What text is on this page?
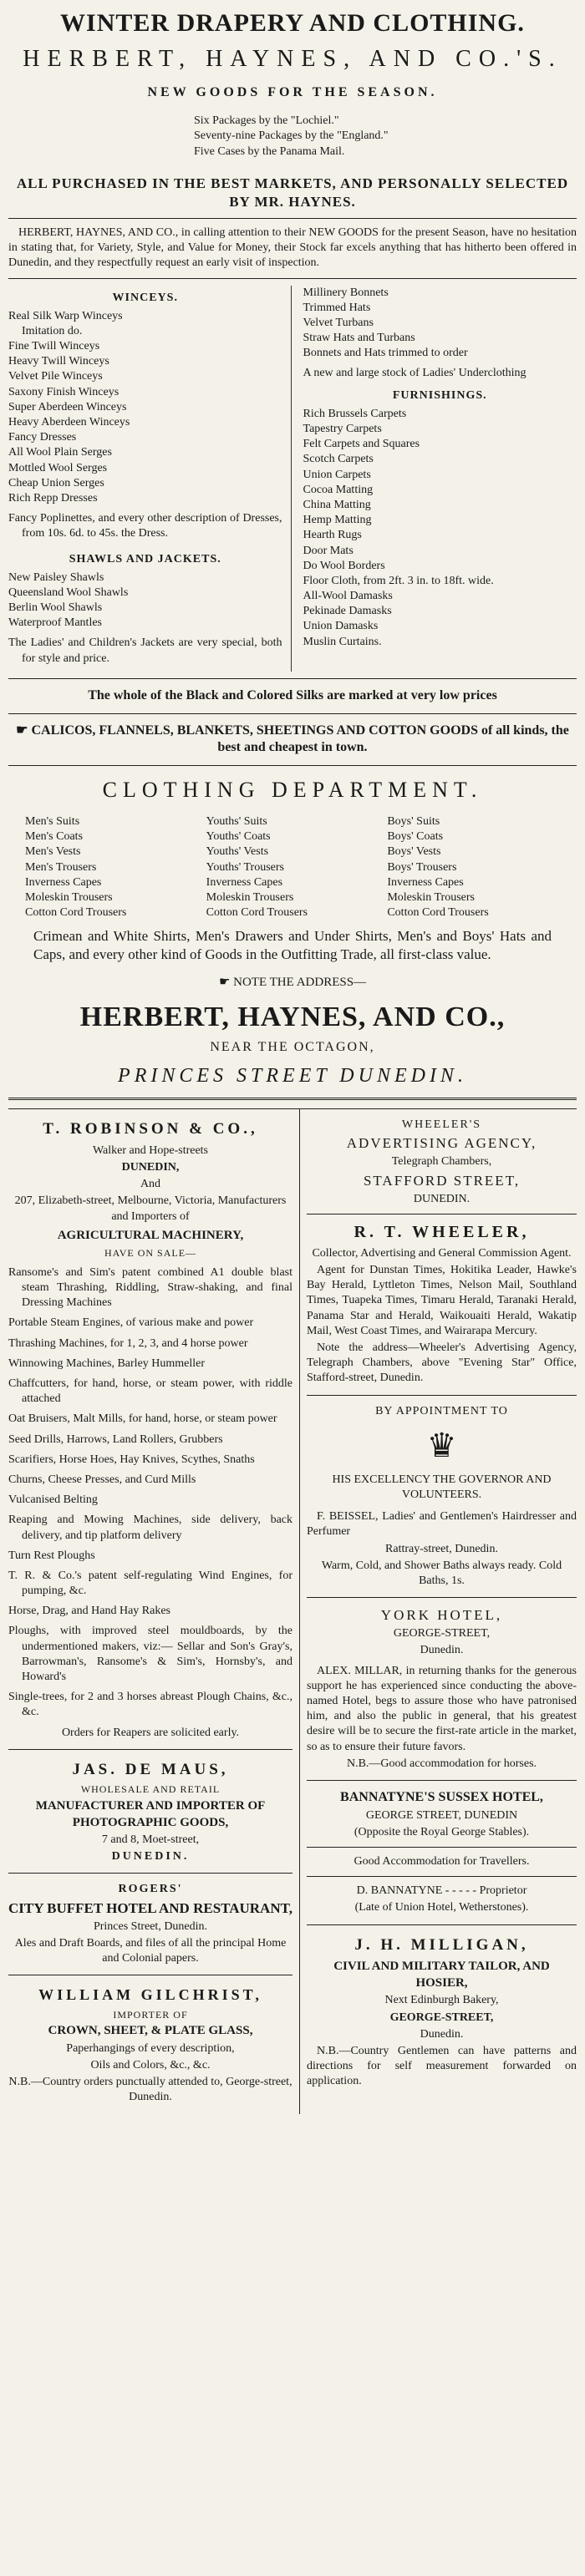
WINTER DRAPERY AND CLOTHING.
HERBERT, HAYNES, AND CO.'S.
NEW GOODS FOR THE SEASON.

Six Packages by the "Lochiel."

Seventy-nine Packages by the "England."

Five Cases by the Panama Mail.

ALL PURCHASED IN THE BEST MARKETS, AND PERSONALLY SELECTED BY MR. HAYNES.

HERBERT, HAYNES, AND CO., in calling attention to their NEW GOODS for the present Season, have no hesitation in stating that, for Variety, Style, and Value for Money, their Stock far excels anything that has hitherto been offered in Dunedin, and they respectfully request an early visit of inspection.

WINCEYS.

Real Silk Warp Winceys

Imitation do.

Fine Twill Winceys

Heavy Twill Winceys

Velvet Pile Winceys

Saxony Finish Winceys

Super Aberdeen Winceys

Heavy Aberdeen Winceys

Fancy Dresses

All Wool Plain Serges

Mottled Wool Serges

Cheap Union Serges

Rich Repp Dresses

Fancy Poplinettes, and every other description of Dresses, from 10s. 6d. to 45s. the Dress.

SHAWLS AND JACKETS.

New Paisley Shawls

Queensland Wool Shawls

Berlin Wool Shawls

Waterproof Mantles

The Ladies' and Children's Jackets are very special, both for style and price.

Millinery Bonnets

Trimmed Hats

Velvet Turbans

Straw Hats and Turbans

Bonnets and Hats trimmed to order

A new and large stock of Ladies' Underclothing

FURNISHINGS.

Rich Brussels Carpets

Tapestry Carpets

Felt Carpets and Squares

Scotch Carpets

Union Carpets

Cocoa Matting

China Matting

Hemp Matting

Hearth Rugs

Door Mats

Do Wool Borders

Floor Cloth, from 2ft. 3 in. to 18ft. wide.

All-Wool Damasks

Pekinade Damasks

Union Damasks

Muslin Curtains.

The whole of the Black and Colored Silks are marked at very low prices
☛ CALICOS, FLANNELS, BLANKETS, SHEETINGS AND COTTON GOODS of all kinds, the best and cheapest in town.
CLOTHING DEPARTMENT.

Men's Suits

Men's Coats

Men's Vests

Men's Trousers

Inverness Capes

Moleskin Trousers

Cotton Cord Trousers

Youths' Suits

Youths' Coats

Youths' Vests

Youths' Trousers

Inverness Capes

Moleskin Trousers

Cotton Cord Trousers

Boys' Suits

Boys' Coats

Boys' Vests

Boys' Trousers

Inverness Capes

Moleskin Trousers

Cotton Cord Trousers

Crimean and White Shirts, Men's Drawers and Under Shirts, Men's and Boys' Hats and Caps, and every other kind of Goods in the Outfitting Trade, all first-class value.

☛ NOTE THE ADDRESS—
HERBERT, HAYNES, AND CO.,
NEAR THE OCTAGON,
PRINCES STREET DUNEDIN.
T. ROBINSON & CO.,

Walker and Hope-streets

DUNEDIN,

And

207, Elizabeth-street, Melbourne, Victoria, Manufacturers and Importers of

AGRICULTURAL MACHINERY,

HAVE ON SALE—

Ransome's and Sim's patent combined A1 double blast steam Thrashing, Riddling, Straw-shaking, and final Dressing Machines

Portable Steam Engines, of various make and power

Thrashing Machines, for 1, 2, 3, and 4 horse power

Winnowing Machines, Barley Hummeller

Chaffcutters, for hand, horse, or steam power, with riddle attached

Oat Bruisers, Malt Mills, for hand, horse, or steam power

Seed Drills, Harrows, Land Rollers, Grubbers

Scarifiers, Horse Hoes, Hay Knives, Scythes, Snaths

Churns, Cheese Presses, and Curd Mills

Vulcanised Belting

Reaping and Mowing Machines, side delivery, back delivery, and tip platform delivery

Turn Rest Ploughs

T. R. & Co.'s patent self-regulating Wind Engines, for pumping, &c.

Horse, Drag, and Hand Hay Rakes

Ploughs, with improved steel mouldboards, by the undermentioned makers, viz:— Sellar and Son's Gray's, Barrowman's, Ransome's & Sim's, Hornsby's, and Howard's

Single-trees, for 2 and 3 horses abreast Plough Chains, &c., &c.

Orders for Reapers are solicited early.

JAS. DE MAUS,

WHOLESALE AND RETAIL

MANUFACTURER AND IMPORTER OF PHOTOGRAPHIC GOODS,

7 and 8, Moet-street,

DUNEDIN.

ROGERS'

CITY BUFFET HOTEL AND RESTAURANT,

Princes Street, Dunedin.

Ales and Draft Boards, and files of all the principal Home and Colonial papers.

WILLIAM GILCHRIST,

IMPORTER OF

CROWN, SHEET, & PLATE GLASS,

Paperhangings of every description,

Oils and Colors, &c., &c.

N.B.—Country orders punctually attended to, George-street, Dunedin.

WHEELER'S

ADVERTISING AGENCY,

Telegraph Chambers,

STAFFORD STREET,

DUNEDIN.

R. T. WHEELER,

Collector, Advertising and General Commission Agent.

Agent for Dunstan Times, Hokitika Leader, Hawke's Bay Herald, Lyttleton Times, Nelson Mail, Southland Times, Tuapeka Times, Timaru Herald, Taranaki Herald, Panama Star and Herald, Waikouaiti Herald, Wakatip Mail, West Coast Times, and Wairarapa Mercury.

Note the address—Wheeler's Advertising Agency, Telegraph Chambers, above "Evening Star" Office, Stafford-street, Dunedin.

BY APPOINTMENT TO

♛

HIS EXCELLENCY THE GOVERNOR AND VOLUNTEERS.

F. BEISSEL, Ladies' and Gentlemen's Hairdresser and Perfumer

Rattray-street, Dunedin.

Warm, Cold, and Shower Baths always ready. Cold Baths, 1s.

YORK HOTEL,

GEORGE-STREET,

Dunedin.

ALEX. MILLAR, in returning thanks for the generous support he has experienced since conducting the above-named Hotel, begs to assure those who have patronised him, and also the public in general, that his greatest desire will be to secure the first-rate article in the market, so as to ensure their future favors.

N.B.—Good accommodation for horses.

BANNATYNE'S SUSSEX HOTEL,

GEORGE STREET, DUNEDIN

(Opposite the Royal George Stables).

Good Accommodation for Travellers.

D. BANNATYNE - - - - - Proprietor

(Late of Union Hotel, Wetherstones).

J. H. MILLIGAN,

CIVIL AND MILITARY TAILOR, AND HOSIER,

Next Edinburgh Bakery,

GEORGE-STREET,

Dunedin.

N.B.—Country Gentlemen can have patterns and directions for self measurement forwarded on application.
